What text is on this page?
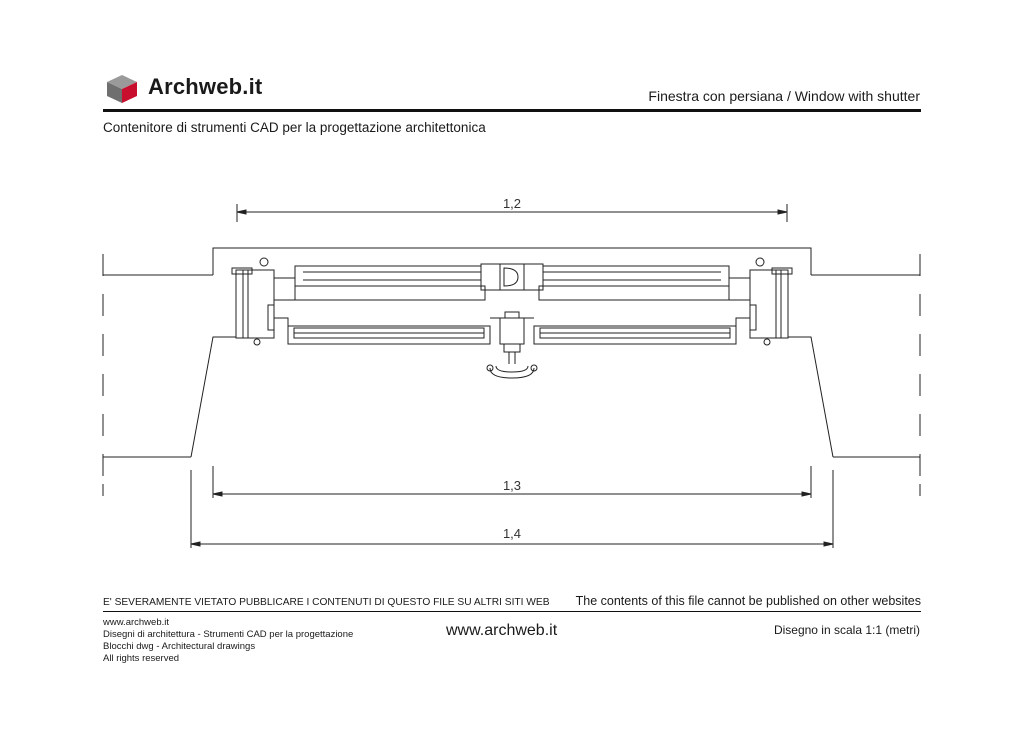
Archweb.it	Finestra con persiana / Window with shutter
Contenitore di strumenti CAD per la progettazione architettonica
1,2
1,3
1,4
E' SEVERAMENTE VIETATO PUBBLICARE I CONTENUTI DI QUESTO FILE SU ALTRI SITI WEB The contents of this file cannot be published on other websites
www.archweb.it
Disegni di architettura - Strumenti CAD per la progettazione
Blocchi dwg - Architectural drawings
All rights reserved
www.archweb.it	Disegno in scala 1:1 (metri)
